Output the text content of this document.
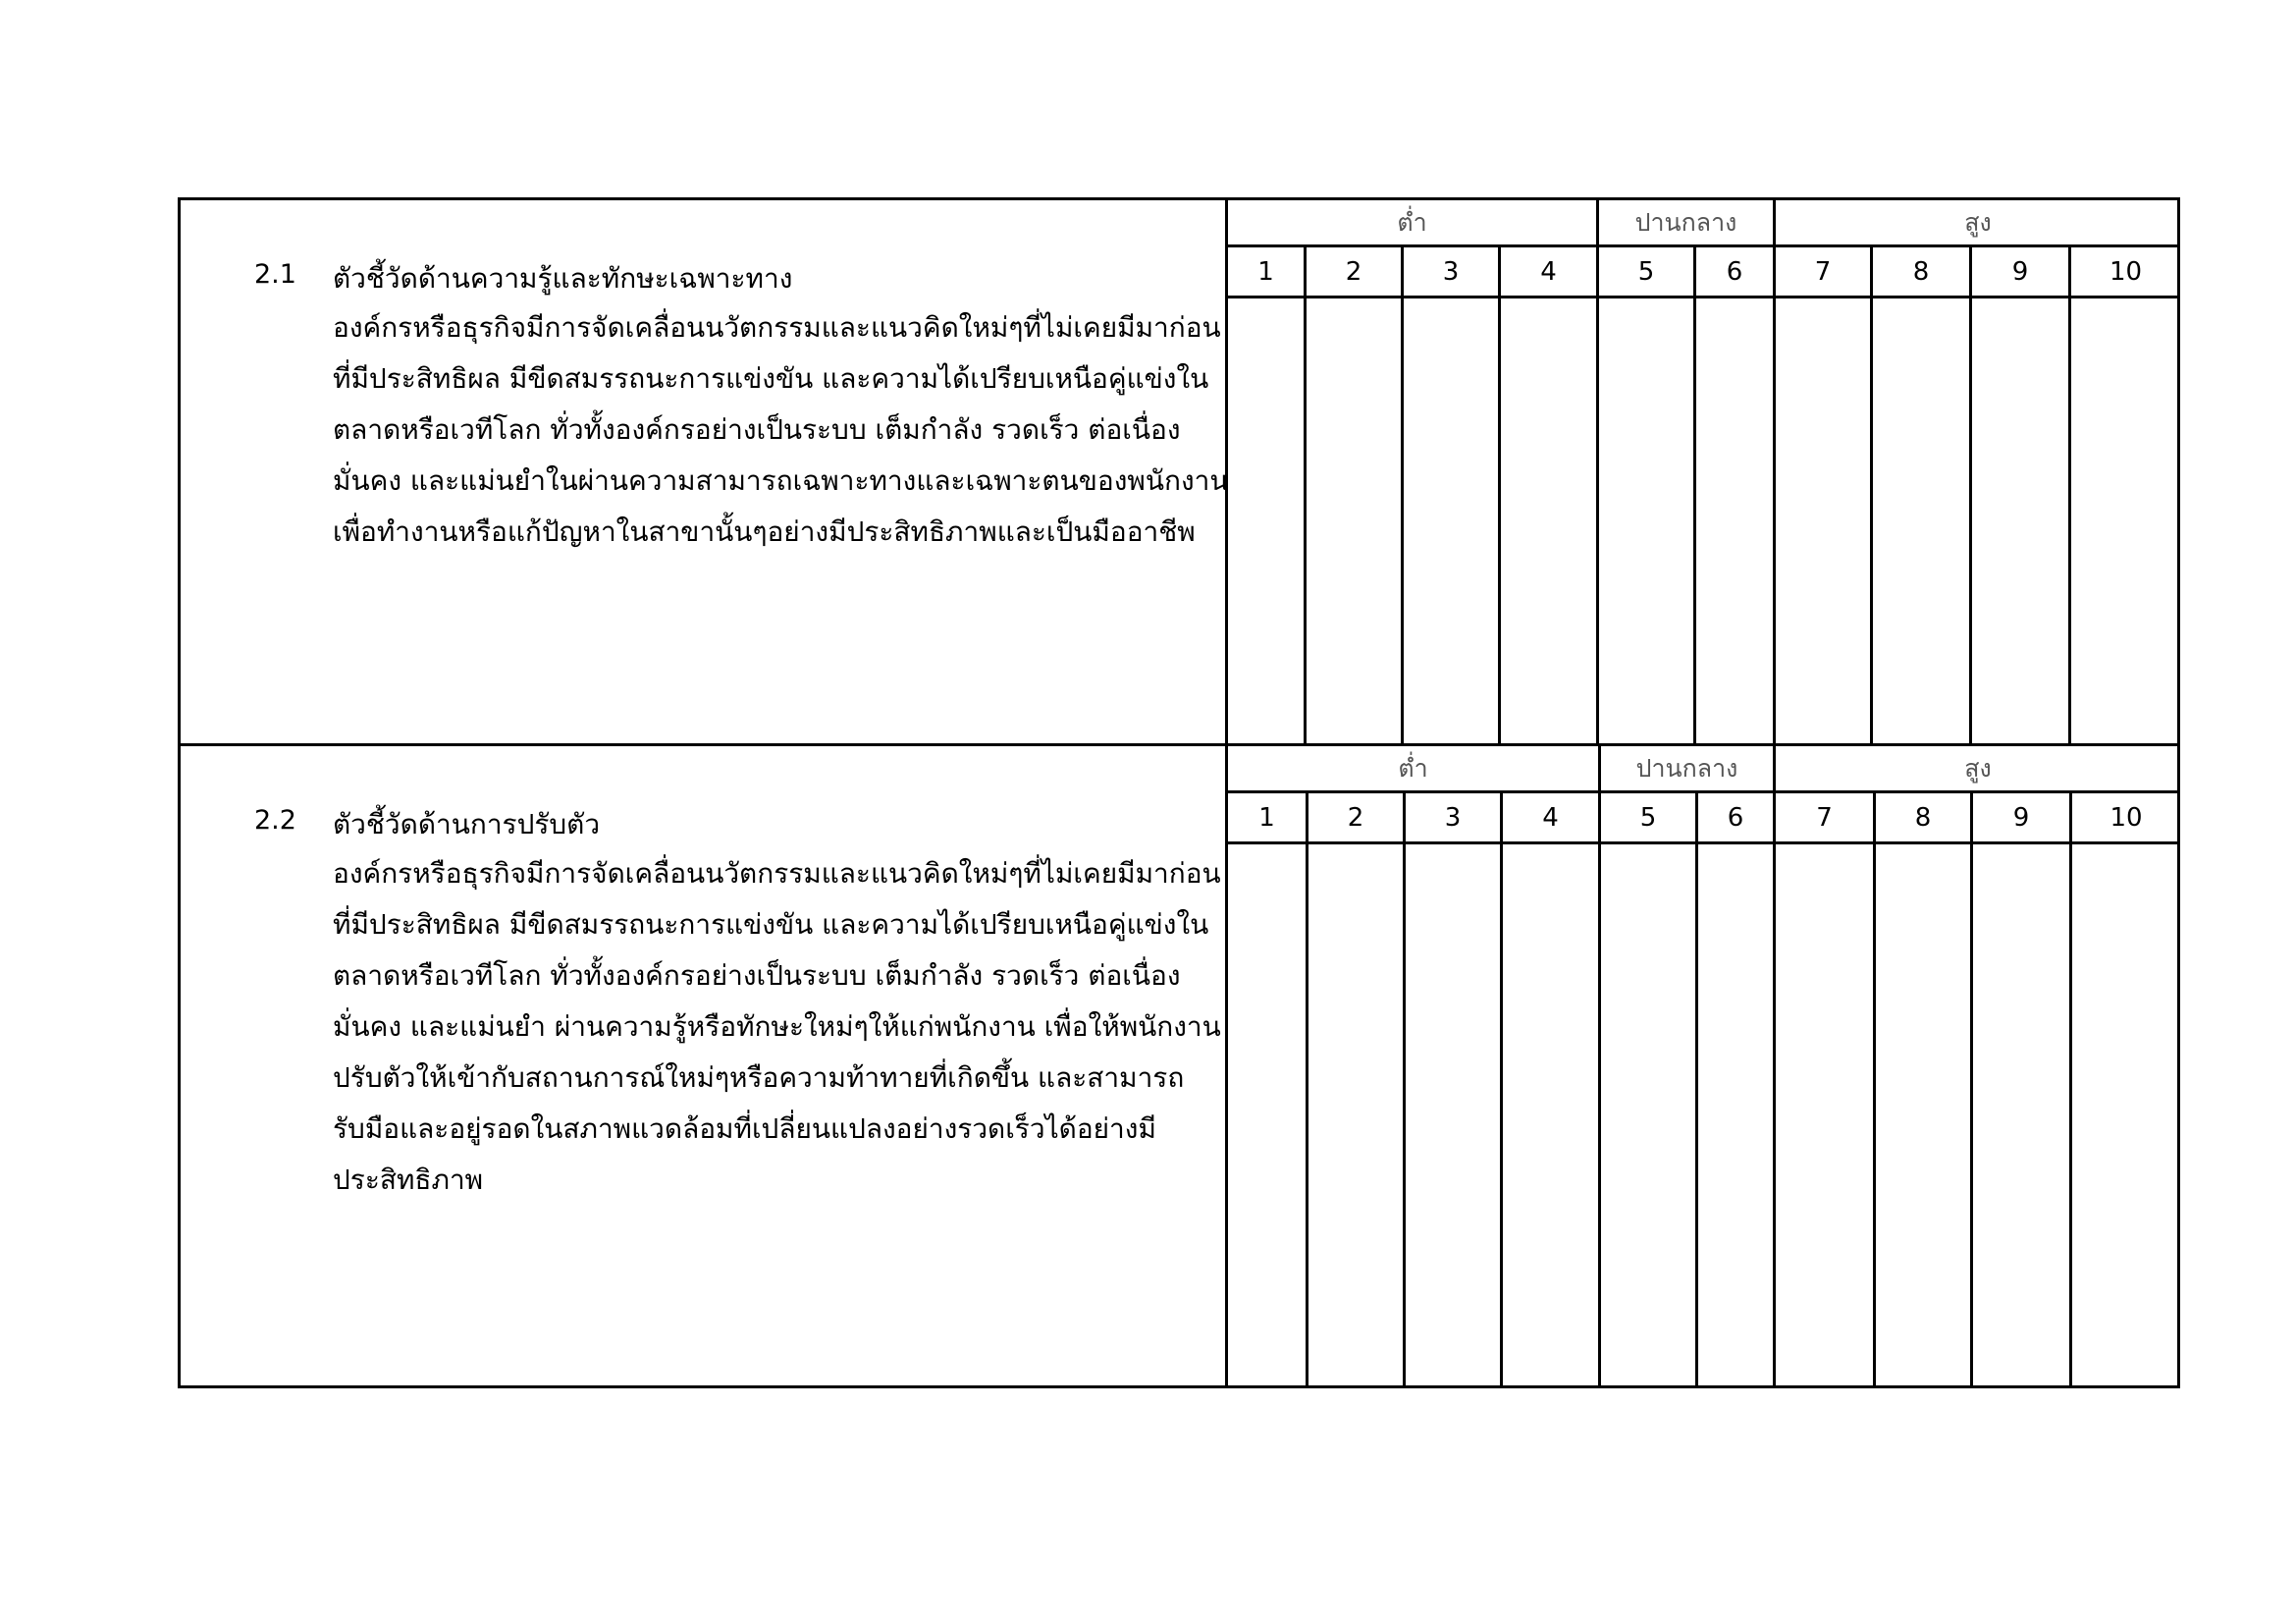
2.1 ตัวชี้วัดด้านความรู้และทักษะเฉพาะทาง
องค์กรหรือธุรกิจมีการจัดเคลื่อนนวัตกรรมและแนวคิดใหม่ๆที่ไม่เคยมีมาก่อน
ที่มีประสิทธิผล มีขีดสมรรถนะการแข่งขัน และความได้เปรียบเหนือคู่แข่งใน
ตลาดหรือเวทีโลก ทั่วทั้งองค์กรอย่างเป็นระบบ เต็มกำลัง รวดเร็ว ต่อเนื่อง
มั่นคง และแม่นยำในผ่านความสามารถเฉพาะทางและเฉพาะตนของพนักงาน
เพื่อทำงานหรือแก้ปัญหาในสาขานั้นๆอย่างมีประสิทธิภาพและเป็นมืออาชีพ
ต่ำ	ปานกลาง	สูง
1	2	3	4	5	6	7	8	9	10
2.2 ตัวชี้วัดด้านการปรับตัว
องค์กรหรือธุรกิจมีการจัดเคลื่อนนวัตกรรมและแนวคิดใหม่ๆที่ไม่เคยมีมาก่อน
ที่มีประสิทธิผล มีขีดสมรรถนะการแข่งขัน และความได้เปรียบเหนือคู่แข่งใน
ตลาดหรือเวทีโลก ทั่วทั้งองค์กรอย่างเป็นระบบ เต็มกำลัง รวดเร็ว ต่อเนื่อง
มั่นคง และแม่นยำ ผ่านความรู้หรือทักษะใหม่ๆให้แก่พนักงาน เพื่อให้พนักงาน
ปรับตัวให้เข้ากับสถานการณ์ใหม่ๆหรือความท้าทายที่เกิดขึ้น และสามารถ
รับมือและอยู่รอดในสภาพแวดล้อมที่เปลี่ยนแปลงอย่างรวดเร็วได้อย่างมี
ประสิทธิภาพ
ต่ำ	ปานกลาง	สูง
1	2	3	4	5	6	7	8	9	10
